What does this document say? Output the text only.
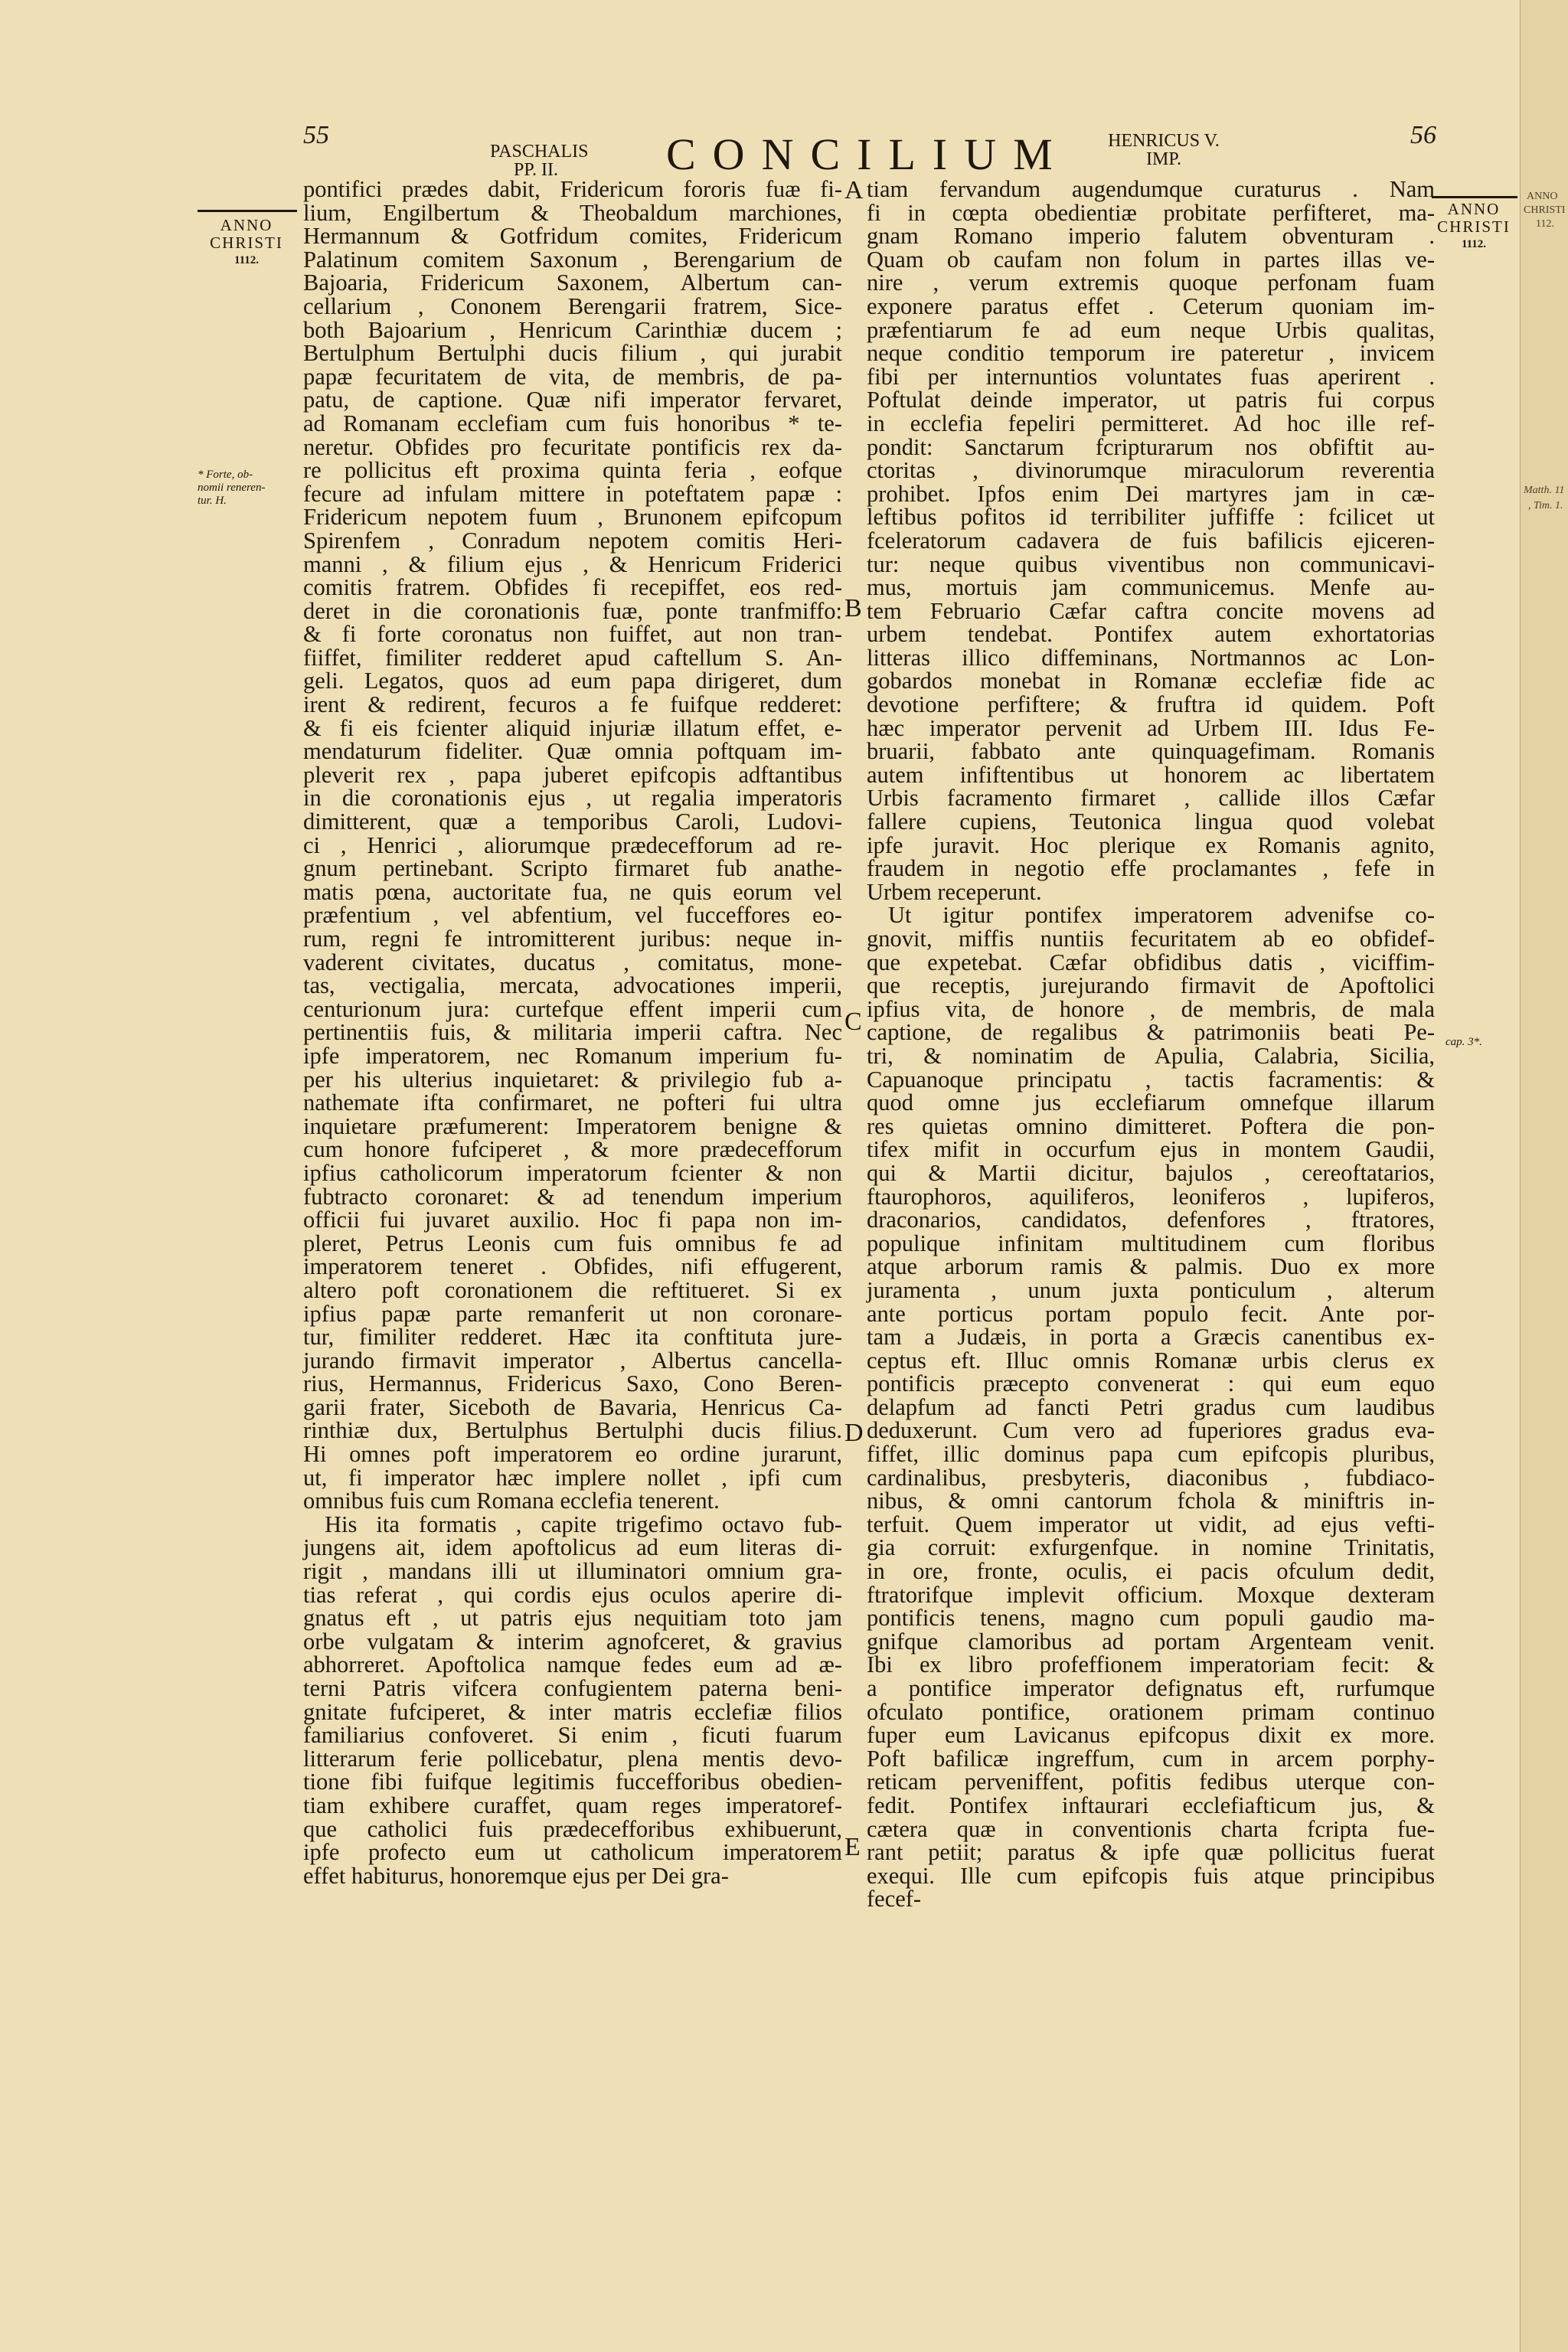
55	56
PASCHALIS
PP. II.	CONCILIUM	HENRICUS V.
IMP.
ANNO
CHRISTI
1112.
* Forte, ob-
nomii reneren-
tur. H.
ANNO
CHRISTI
1112.
cap. 3*.
A
B
C
D
E
pontifici prædes dabit, Fridericum fororis fuæ fi-
lium, Engilbertum & Theobaldum marchiones,
Hermannum & Gotfridum comites, Fridericum
Palatinum comitem Saxonum , Berengarium de
Bajoaria, Fridericum Saxonem, Albertum can-
cellarium , Cononem Berengarii fratrem, Sice-
both Bajoarium , Henricum Carinthiæ ducem ;
Bertulphum Bertulphi ducis filium , qui jurabit
papæ fecuritatem de vita, de membris, de pa-
patu, de captione. Quæ nifi imperator fervaret,
ad Romanam ecclefiam cum fuis honoribus * te-
neretur. Obfides pro fecuritate pontificis rex da-
re pollicitus eft proxima quinta feria , eofque
fecure ad infulam mittere in poteftatem papæ :
Fridericum nepotem fuum , Brunonem epifcopum
Spirenfem , Conradum nepotem comitis Heri-
manni , & filium ejus , & Henricum Friderici
comitis fratrem. Obfides fi recepiffet, eos red-
deret in die coronationis fuæ, ponte tranfmiffo:
& fi forte coronatus non fuiffet, aut non tran-
fiiffet, fimiliter redderet apud caftellum S. An-
geli. Legatos, quos ad eum papa dirigeret, dum
irent & redirent, fecuros a fe fuifque redderet:
& fi eis fcienter aliquid injuriæ illatum effet, e-
mendaturum fideliter. Quæ omnia poftquam im-
pleverit rex , papa juberet epifcopis adftantibus
in die coronationis ejus , ut regalia imperatoris
dimitterent, quæ a temporibus Caroli, Ludovi-
ci , Henrici , aliorumque prædecefforum ad re-
gnum pertinebant. Scripto firmaret fub anathe-
matis pœna, auctoritate fua, ne quis eorum vel
præfentium , vel abfentium, vel fucceffores eo-
rum, regni fe intromitterent juribus: neque in-
vaderent civitates, ducatus , comitatus, mone-
tas, vectigalia, mercata, advocationes imperii,
centurionum jura: curtefque effent imperii cum
pertinentiis fuis, & militaria imperii caftra. Nec
ipfe imperatorem, nec Romanum imperium fu-
per his ulterius inquietaret: & privilegio fub a-
nathemate ifta confirmaret, ne pofteri fui ultra
inquietare præfumerent: Imperatorem benigne &
cum honore fufciperet , & more prædecefforum
ipfius catholicorum imperatorum fcienter & non
fubtracto coronaret: & ad tenendum imperium
officii fui juvaret auxilio. Hoc fi papa non im-
pleret, Petrus Leonis cum fuis omnibus fe ad
imperatorem teneret . Obfides, nifi effugerent,
altero poft coronationem die reftitueret. Si ex
ipfius papæ parte remanferit ut non coronare-
tur, fimiliter redderet. Hæc ita conftituta jure-
jurando firmavit imperator , Albertus cancella-
rius, Hermannus, Fridericus Saxo, Cono Beren-
garii frater, Siceboth de Bavaria, Henricus Ca-
rinthiæ dux, Bertulphus Bertulphi ducis filius.
Hi omnes poft imperatorem eo ordine jurarunt,
ut, fi imperator hæc implere nollet , ipfi cum
omnibus fuis cum Romana ecclefia tenerent.
His ita formatis , capite trigefimo octavo fub-
jungens ait, idem apoftolicus ad eum literas di-
rigit , mandans illi ut illuminatori omnium gra-
tias referat , qui cordis ejus oculos aperire di-
gnatus eft , ut patris ejus nequitiam toto jam
orbe vulgatam & interim agnofceret, & gravius
abhorreret. Apoftolica namque fedes eum ad æ-
terni Patris vifcera confugientem paterna beni-
gnitate fufciperet, & inter matris ecclefiæ filios
familiarius confoveret. Si enim , ficuti fuarum
litterarum ferie pollicebatur, plena mentis devo-
tione fibi fuifque legitimis fuccefforibus obedien-
tiam exhibere curaffet, quam reges imperatoref-
que catholici fuis prædecefforibus exhibuerunt,
ipfe profecto eum ut catholicum imperatorem
effet habiturus, honoremque ejus per Dei gra-
tiam fervandum augendumque curaturus . Nam
fi in cœpta obedientiæ probitate perfifteret, ma-
gnam Romano imperio falutem obventuram .
Quam ob caufam non folum in partes illas ve-
nire , verum extremis quoque perfonam fuam
exponere paratus effet . Ceterum quoniam im-
præfentiarum fe ad eum neque Urbis qualitas,
neque conditio temporum ire pateretur , invicem
fibi per internuntios voluntates fuas aperirent .
Poftulat deinde imperator, ut patris fui corpus
in ecclefia fepeliri permitteret. Ad hoc ille ref-
pondit: Sanctarum fcripturarum nos obfiftit au-
ctoritas , divinorumque miraculorum reverentia
prohibet. Ipfos enim Dei martyres jam in cæ-
leftibus pofitos id terribiliter juffiffe : fcilicet ut
fceleratorum cadavera de fuis bafilicis ejiceren-
tur: neque quibus viventibus non communicavi-
mus, mortuis jam communicemus. Menfe au-
tem Februario Cæfar caftra concite movens ad
urbem tendebat. Pontifex autem exhortatorias
litteras illico diffeminans, Nortmannos ac Lon-
gobardos monebat in Romanæ ecclefiæ fide ac
devotione perfiftere; & fruftra id quidem. Poft
hæc imperator pervenit ad Urbem III. Idus Fe-
bruarii, fabbato ante quinquagefimam. Romanis
autem infiftentibus ut honorem ac libertatem
Urbis facramento firmaret , callide illos Cæfar
fallere cupiens, Teutonica lingua quod volebat
ipfe juravit. Hoc plerique ex Romanis agnito,
fraudem in negotio effe proclamantes , fefe in
Urbem receperunt.
Ut igitur pontifex imperatorem advenifse co-
gnovit, miffis nuntiis fecuritatem ab eo obfidef-
que expetebat. Cæfar obfidibus datis , viciffim-
que receptis, jurejurando firmavit de Apoftolici
ipfius vita, de honore , de membris, de mala
captione, de regalibus & patrimoniis beati Pe-
tri, & nominatim de Apulia, Calabria, Sicilia,
Capuanoque principatu , tactis facramentis: &
quod omne jus ecclefiarum omnefque illarum
res quietas omnino dimitteret. Poftera die pon-
tifex mifit in occurfum ejus in montem Gaudii,
qui & Martii dicitur, bajulos , cereoftatarios,
ftaurophoros, aquiliferos, leoniferos , lupiferos,
draconarios, candidatos, defenfores , ftratores,
populique infinitam multitudinem cum floribus
atque arborum ramis & palmis. Duo ex more
juramenta , unum juxta ponticulum , alterum
ante porticus portam populo fecit. Ante por-
tam a Judæis, in porta a Græcis canentibus ex-
ceptus eft. Illuc omnis Romanæ urbis clerus ex
pontificis præcepto convenerat : qui eum equo
delapfum ad fancti Petri gradus cum laudibus
deduxerunt. Cum vero ad fuperiores gradus eva-
fiffet, illic dominus papa cum epifcopis pluribus,
cardinalibus, presbyteris, diaconibus , fubdiaco-
nibus, & omni cantorum fchola & miniftris in-
terfuit. Quem imperator ut vidit, ad ejus vefti-
gia corruit: exfurgenfque. in nomine Trinitatis,
in ore, fronte, oculis, ei pacis ofculum dedit,
ftratorifque implevit officium. Moxque dexteram
pontificis tenens, magno cum populi gaudio ma-
gnifque clamoribus ad portam Argenteam venit.
Ibi ex libro profeffionem imperatoriam fecit: &
a pontifice imperator defignatus eft, rurfumque
ofculato pontifice, orationem primam continuo
fuper eum Lavicanus epifcopus dixit ex more.
Poft bafilicæ ingreffum, cum in arcem porphy-
reticam perveniffent, pofitis fedibus uterque con-
fedit. Pontifex inftaurari ecclefiafticum jus, &
cætera quæ in conventionis charta fcripta fue-
rant petiit; paratus & ipfe quæ pollicitus fuerat
exequi. Ille cum epifcopis fuis atque principibus
fecef-
ANNO
CHRISTI
112.
Matth. 11
, Tim. 1.
